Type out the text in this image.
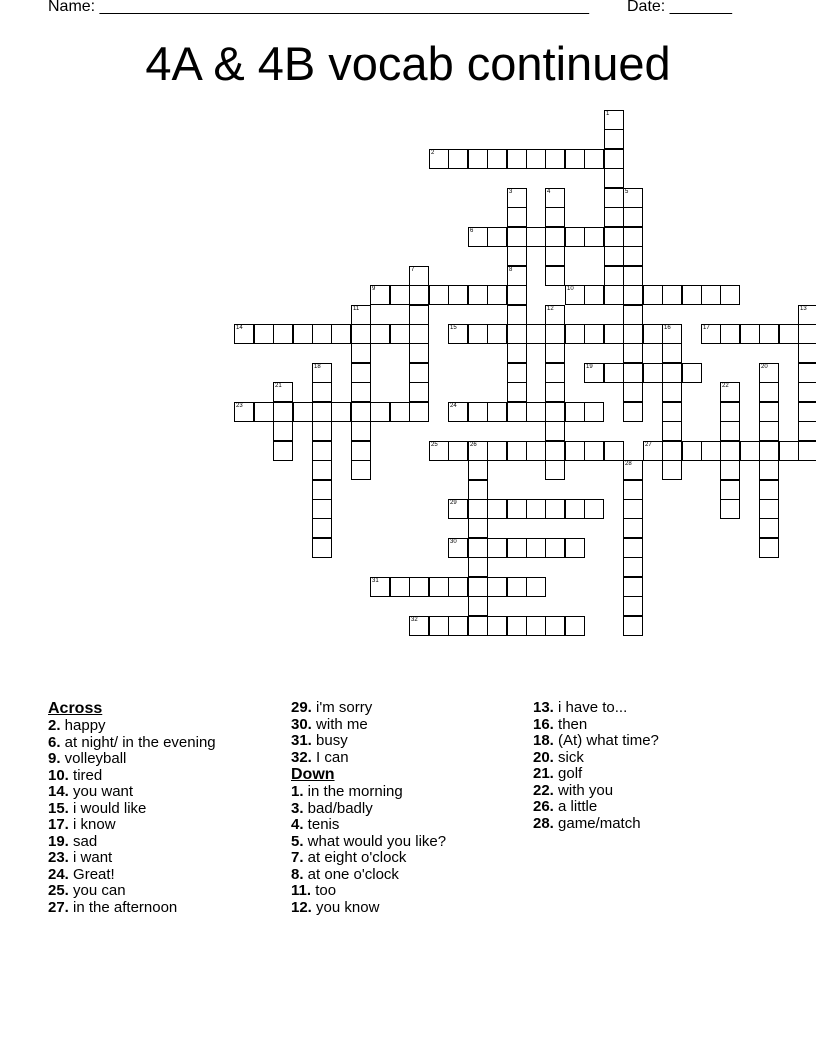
Name: _______________________________________________________ Date: _______
4A & 4B vocab continued
1
2
3
8
4	5
6
7
9	10
11	12	13
14	15	16	17
18	19	20
21	22
23	24
25	26	27
28
29
30
31
32
Across
2. happy
6. at night/ in the evening
9. volleyball
10. tired
14. you want
15. i would like
17. i know
19. sad
23. i want
24. Great!
25. you can
27. in the afternoon
29. i'm sorry
30. with me
31. busy
32. I can
Down
1. in the morning
3. bad/badly
4. tenis
5. what would you like?
7. at eight o'clock
8. at one o'clock
11. too
12. you know
13. i have to...
16. then
18. (At) what time?
20. sick
21. golf
22. with you
26. a little
28. game/match
